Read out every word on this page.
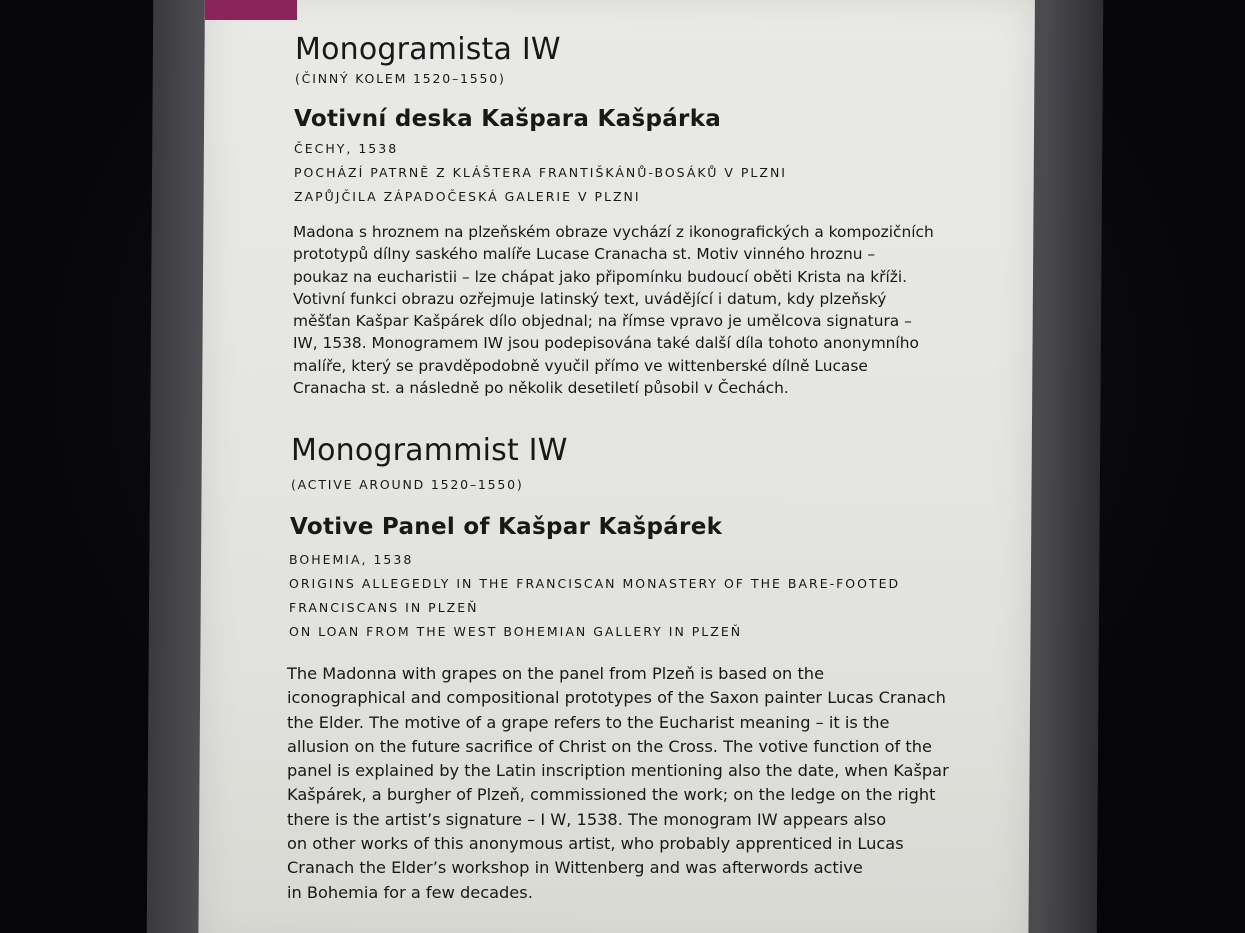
Monogramista IW
(ČINNÝ KOLEM 1520–1550)
Votivní deska Kašpara Kašpárka
ČECHY, 1538
POCHÁZÍ PATRNĚ Z KLÁŠTERA FRANTIŠKÁNŮ-BOSÁKŮ V PLZNI
ZAPŮJČILA ZÁPADOČESKÁ GALERIE V PLZNI
Madona s hroznem na plzeňském obraze vychází z ikonografických a kompozičních
prototypů dílny saského malíře Lucase Cranacha st. Motiv vinného hroznu –
poukaz na eucharistii – lze chápat jako připomínku budoucí oběti Krista na kříži.
Votivní funkci obrazu ozřejmuje latinský text, uvádějící i datum, kdy plzeňský
měšťan Kašpar Kašpárek dílo objednal; na římse vpravo je umělcova signatura –
IW, 1538. Monogramem IW jsou podepisována také další díla tohoto anonymního
malíře, který se pravděpodobně vyučil přímo ve wittenberské dílně Lucase
Cranacha st. a následně po několik desetiletí působil v Čechách.
Monogrammist IW
(ACTIVE AROUND 1520–1550)
Votive Panel of Kašpar Kašpárek
BOHEMIA, 1538
ORIGINS ALLEGEDLY IN THE FRANCISCAN MONASTERY OF THE BARE-FOOTED
FRANCISCANS IN PLZEŇ
ON LOAN FROM THE WEST BOHEMIAN GALLERY IN PLZEŇ
The Madonna with grapes on the panel from Plzeň is based on the
iconographical and compositional prototypes of the Saxon painter Lucas Cranach
the Elder. The motive of a grape refers to the Eucharist meaning – it is the
allusion on the future sacrifice of Christ on the Cross. The votive function of the
panel is explained by the Latin inscription mentioning also the date, when Kašpar
Kašpárek, a burgher of Plzeň, commissioned the work; on the ledge on the right
there is the artist’s signature – I W, 1538. The monogram IW appears also
on other works of this anonymous artist, who probably apprenticed in Lucas
Cranach the Elder’s workshop in Wittenberg and was afterwords active
in Bohemia for a few decades.
